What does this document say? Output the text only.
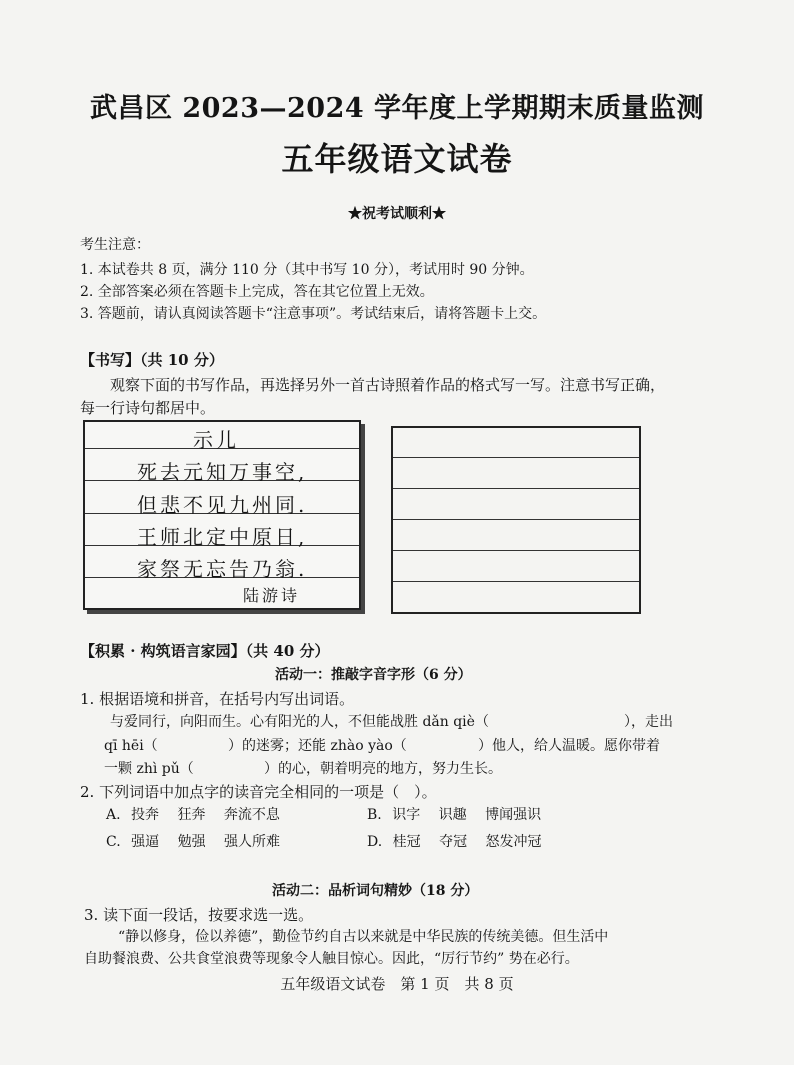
武昌区 2023—2024 学年度上学期期末质量监测
五年级语文试卷
★祝考试顺利★
考生注意：
1. 本试卷共 8 页，满分 110 分（其中书写 10 分），考试用时 90 分钟。
2. 全部答案必须在答题卡上完成，答在其它位置上无效。
3. 答题前，请认真阅读答题卡“注意事项”。考试结束后，请将答题卡上交。
【书写】（共 10 分）
观察下面的书写作品，再选择另外一首古诗照着作品的格式写一写。注意书写正确，
每一行诗句都居中。
示儿
死去元知万事空,
但悲不见九州同.
王师北定中原日,
家祭无忘告乃翁.
陆游诗
【积累 · 构筑语言家园】（共 40 分）
活动一：推敲字音字形（6 分）
1. 根据语境和拼音，在括号内写出词语。
与爱同行，向阳而生。心有阳光的人，不但能战胜 dǎn qiè（	），走出
qī hēi（	）的迷雾；还能 zhào yào（	）他人，给人温暖。愿你带着
一颗 zhì pǔ（	）的心，朝着明亮的地方，努力生长。
2. 下列词语中加点字的读音完全相同的一项是（　）。
A. 投奔 狂奔 奔流不息	B. 识字 识趣 博闻强识
C. 强逼 勉强 强人所难	D. 桂冠 夺冠 怒发冲冠
活动二：品析词句精妙（18 分）
3. 读下面一段话，按要求选一选。
“静以修身，俭以养德”，勤俭节约自古以来就是中华民族的传统美德。但生活中
自助餐浪费、公共食堂浪费等现象令人触目惊心。因此，“厉行节约” 势在必行。
五年级语文试卷　第 1 页　共 8 页
